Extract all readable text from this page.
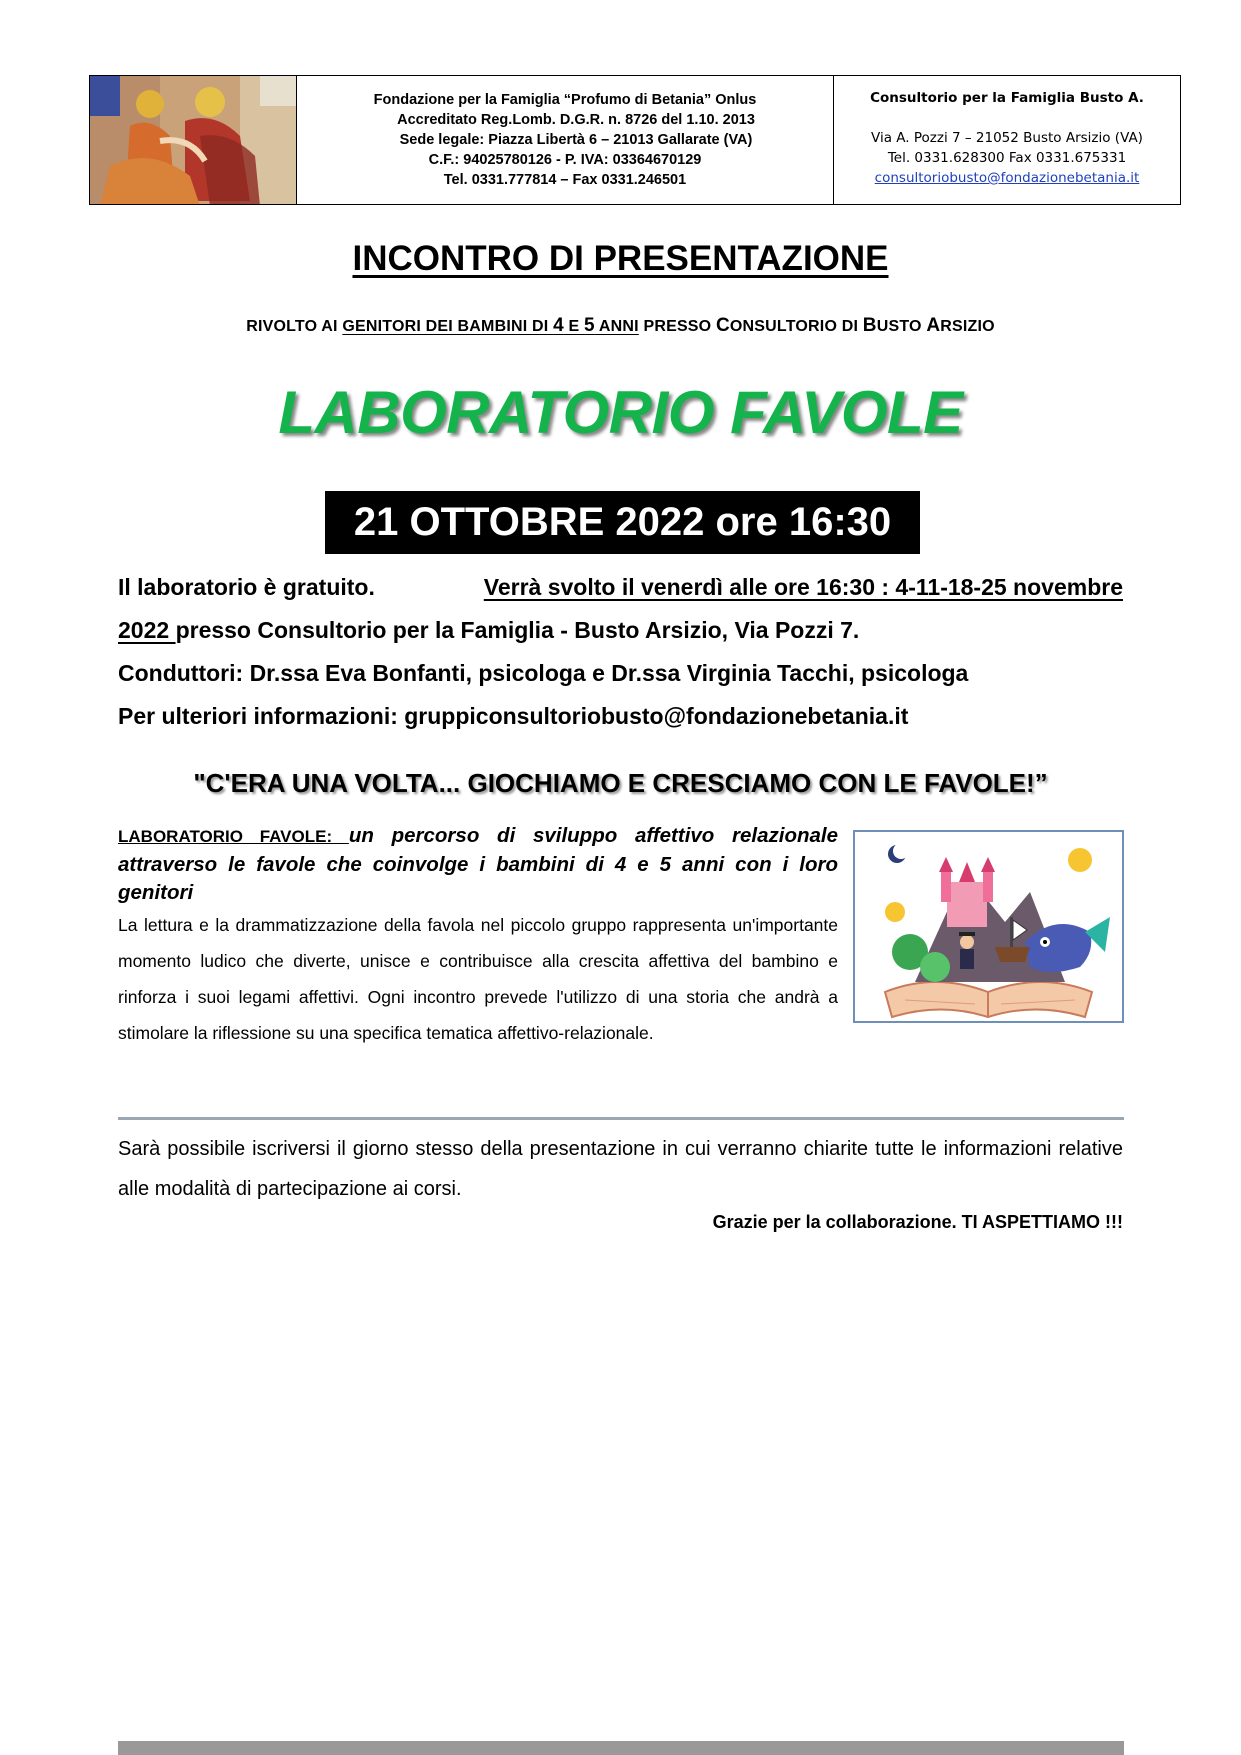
Fondazione per la Famiglia “Profumo di Betania” Onlus
Accreditato Reg.Lomb. D.G.R. n. 8726 del 1.10. 2013
Sede legale: Piazza Libertà 6 – 21013 Gallarate (VA)
C.F.: 94025780126 - P. IVA: 03364670129
Tel. 0331.777814 – Fax 0331.246501
Consultorio per la Famiglia Busto A.
Via A. Pozzi 7 – 21052 Busto Arsizio (VA)
Tel. 0331.628300 Fax 0331.675331
consultoriobusto@fondazionebetania.it
INCONTRO DI PRESENTAZIONE
RIVOLTO AI GENITORI DEI BAMBINI DI 4 E 5 ANNI PRESSO CONSULTORIO DI BUSTO ARSIZIO
LABORATORIO FAVOLE
21 OTTOBRE 2022 ore 16:30
Il laboratorio è gratuito.	Verrà svolto il venerdì alle ore 16:30 : 4-11-18-25 novembre
2022 presso Consultorio per la Famiglia - Busto Arsizio, Via Pozzi 7.
Conduttori: Dr.ssa Eva Bonfanti, psicologa e Dr.ssa Virginia Tacchi, psicologa
Per ulteriori informazioni: gruppiconsultoriobusto@fondazionebetania.it
"C'ERA UNA VOLTA... GIOCHIAMO E CRESCIAMO CON LE FAVOLE!”
LABORATORIO FAVOLE: un percorso di sviluppo affettivo relazionale attraverso le favole che coinvolge i bambini di 4 e 5 anni con i loro genitori
La lettura e la drammatizzazione della favola nel piccolo gruppo rappresenta un'importante momento ludico che diverte, unisce e contribuisce alla crescita affettiva del bambino e rinforza i suoi legami affettivi. Ogni incontro prevede l'utilizzo di una storia che andrà a stimolare la riflessione su una specifica tematica affettivo-relazionale.
Sarà possibile iscriversi il giorno stesso della presentazione in cui verranno chiarite tutte le informazioni relative alle modalità di partecipazione ai corsi.
Grazie per la collaborazione. TI ASPETTIAMO !!!
